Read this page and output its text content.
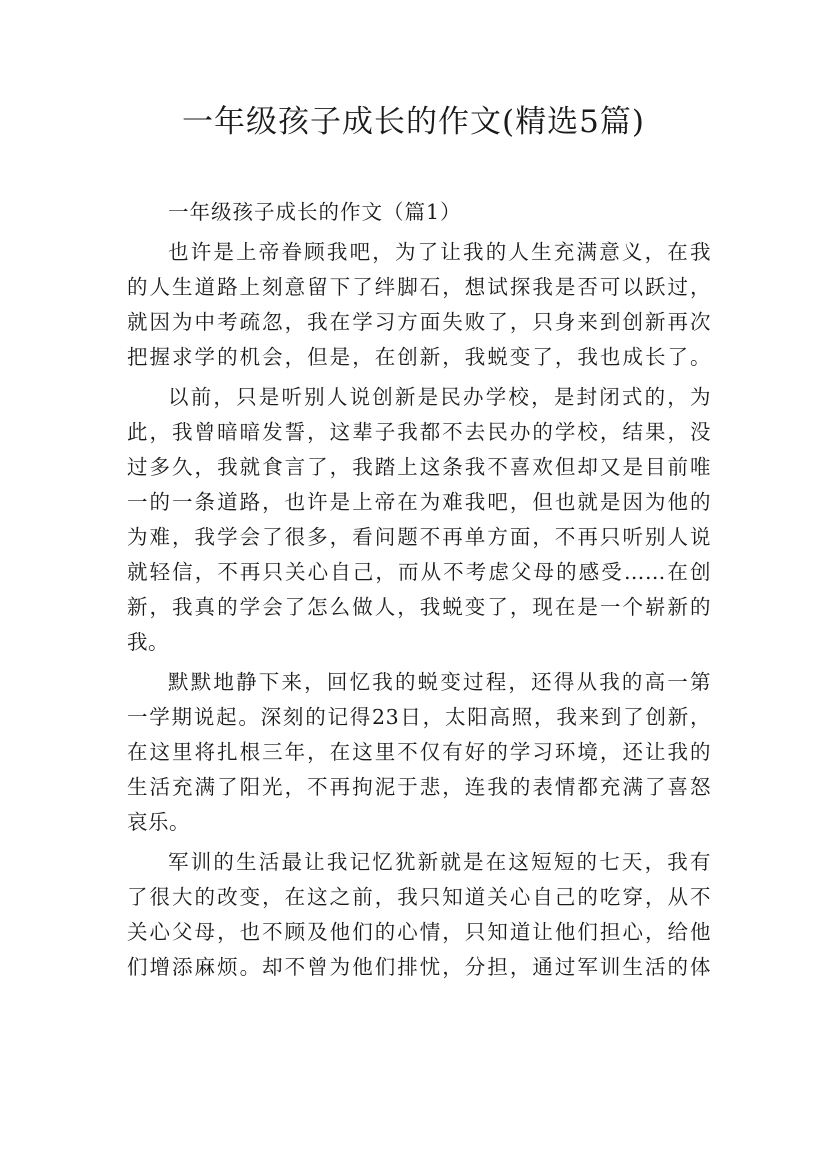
一年级孩子成长的作文(精选5篇)
一年级孩子成长的作文（篇1）
也许是上帝眷顾我吧，为了让我的人生充满意义，在我
的人生道路上刻意留下了绊脚石，想试探我是否可以跃过，
就因为中考疏忽，我在学习方面失败了，只身来到创新再次
把握求学的机会，但是，在创新，我蜕变了，我也成长了。
以前，只是听别人说创新是民办学校，是封闭式的，为
此，我曾暗暗发誓，这辈子我都不去民办的学校，结果，没
过多久，我就食言了，我踏上这条我不喜欢但却又是目前唯
一的一条道路，也许是上帝在为难我吧，但也就是因为他的
为难，我学会了很多，看问题不再单方面，不再只听别人说
就轻信，不再只关心自己，而从不考虑父母的感受……在创
新，我真的学会了怎么做人，我蜕变了，现在是一个崭新的
我。
默默地静下来，回忆我的蜕变过程，还得从我的高一第
一学期说起。深刻的记得23日，太阳高照，我来到了创新，
在这里将扎根三年，在这里不仅有好的学习环境，还让我的
生活充满了阳光，不再拘泥于悲，连我的表情都充满了喜怒
哀乐。
军训的生活最让我记忆犹新就是在这短短的七天，我有
了很大的改变，在这之前，我只知道关心自己的吃穿，从不
关心父母，也不顾及他们的心情，只知道让他们担心，给他
们增添麻烦。却不曾为他们排忧，分担，通过军训生活的体
